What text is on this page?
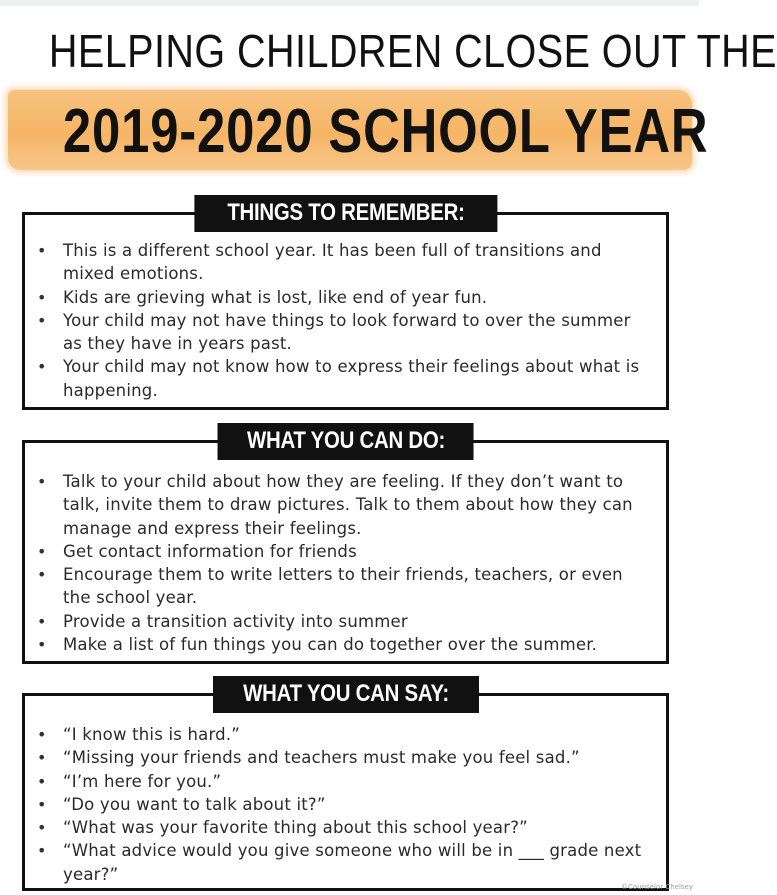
HELPING CHILDREN CLOSE OUT THE
2019-2020 SCHOOL YEAR
THINGS TO REMEMBER:
• This is a different school year. It has been full of transitions and mixed emotions.
• Kids are grieving what is lost, like end of year fun.
• Your child may not have things to look forward to over the summer as they have in years past.
• Your child may not know how to express their feelings about what is happening.
WHAT YOU CAN DO:
• Talk to your child about how they are feeling. If they don’t want to talk, invite them to draw pictures. Talk to them about how they can manage and express their feelings.
• Get contact information for friends
• Encourage them to write letters to their friends, teachers, or even the school year.
• Provide a transition activity into summer
• Make a list of fun things you can do together over the summer.
WHAT YOU CAN SAY:
• “I know this is hard.”
• “Missing your friends and teachers must make you feel sad.”
• “I’m here for you.”
• “Do you want to talk about it?”
• “What was your favorite thing about this school year?”
• “What advice would you give someone who will be in ___ grade next year?”
©Counselor Chelsey
